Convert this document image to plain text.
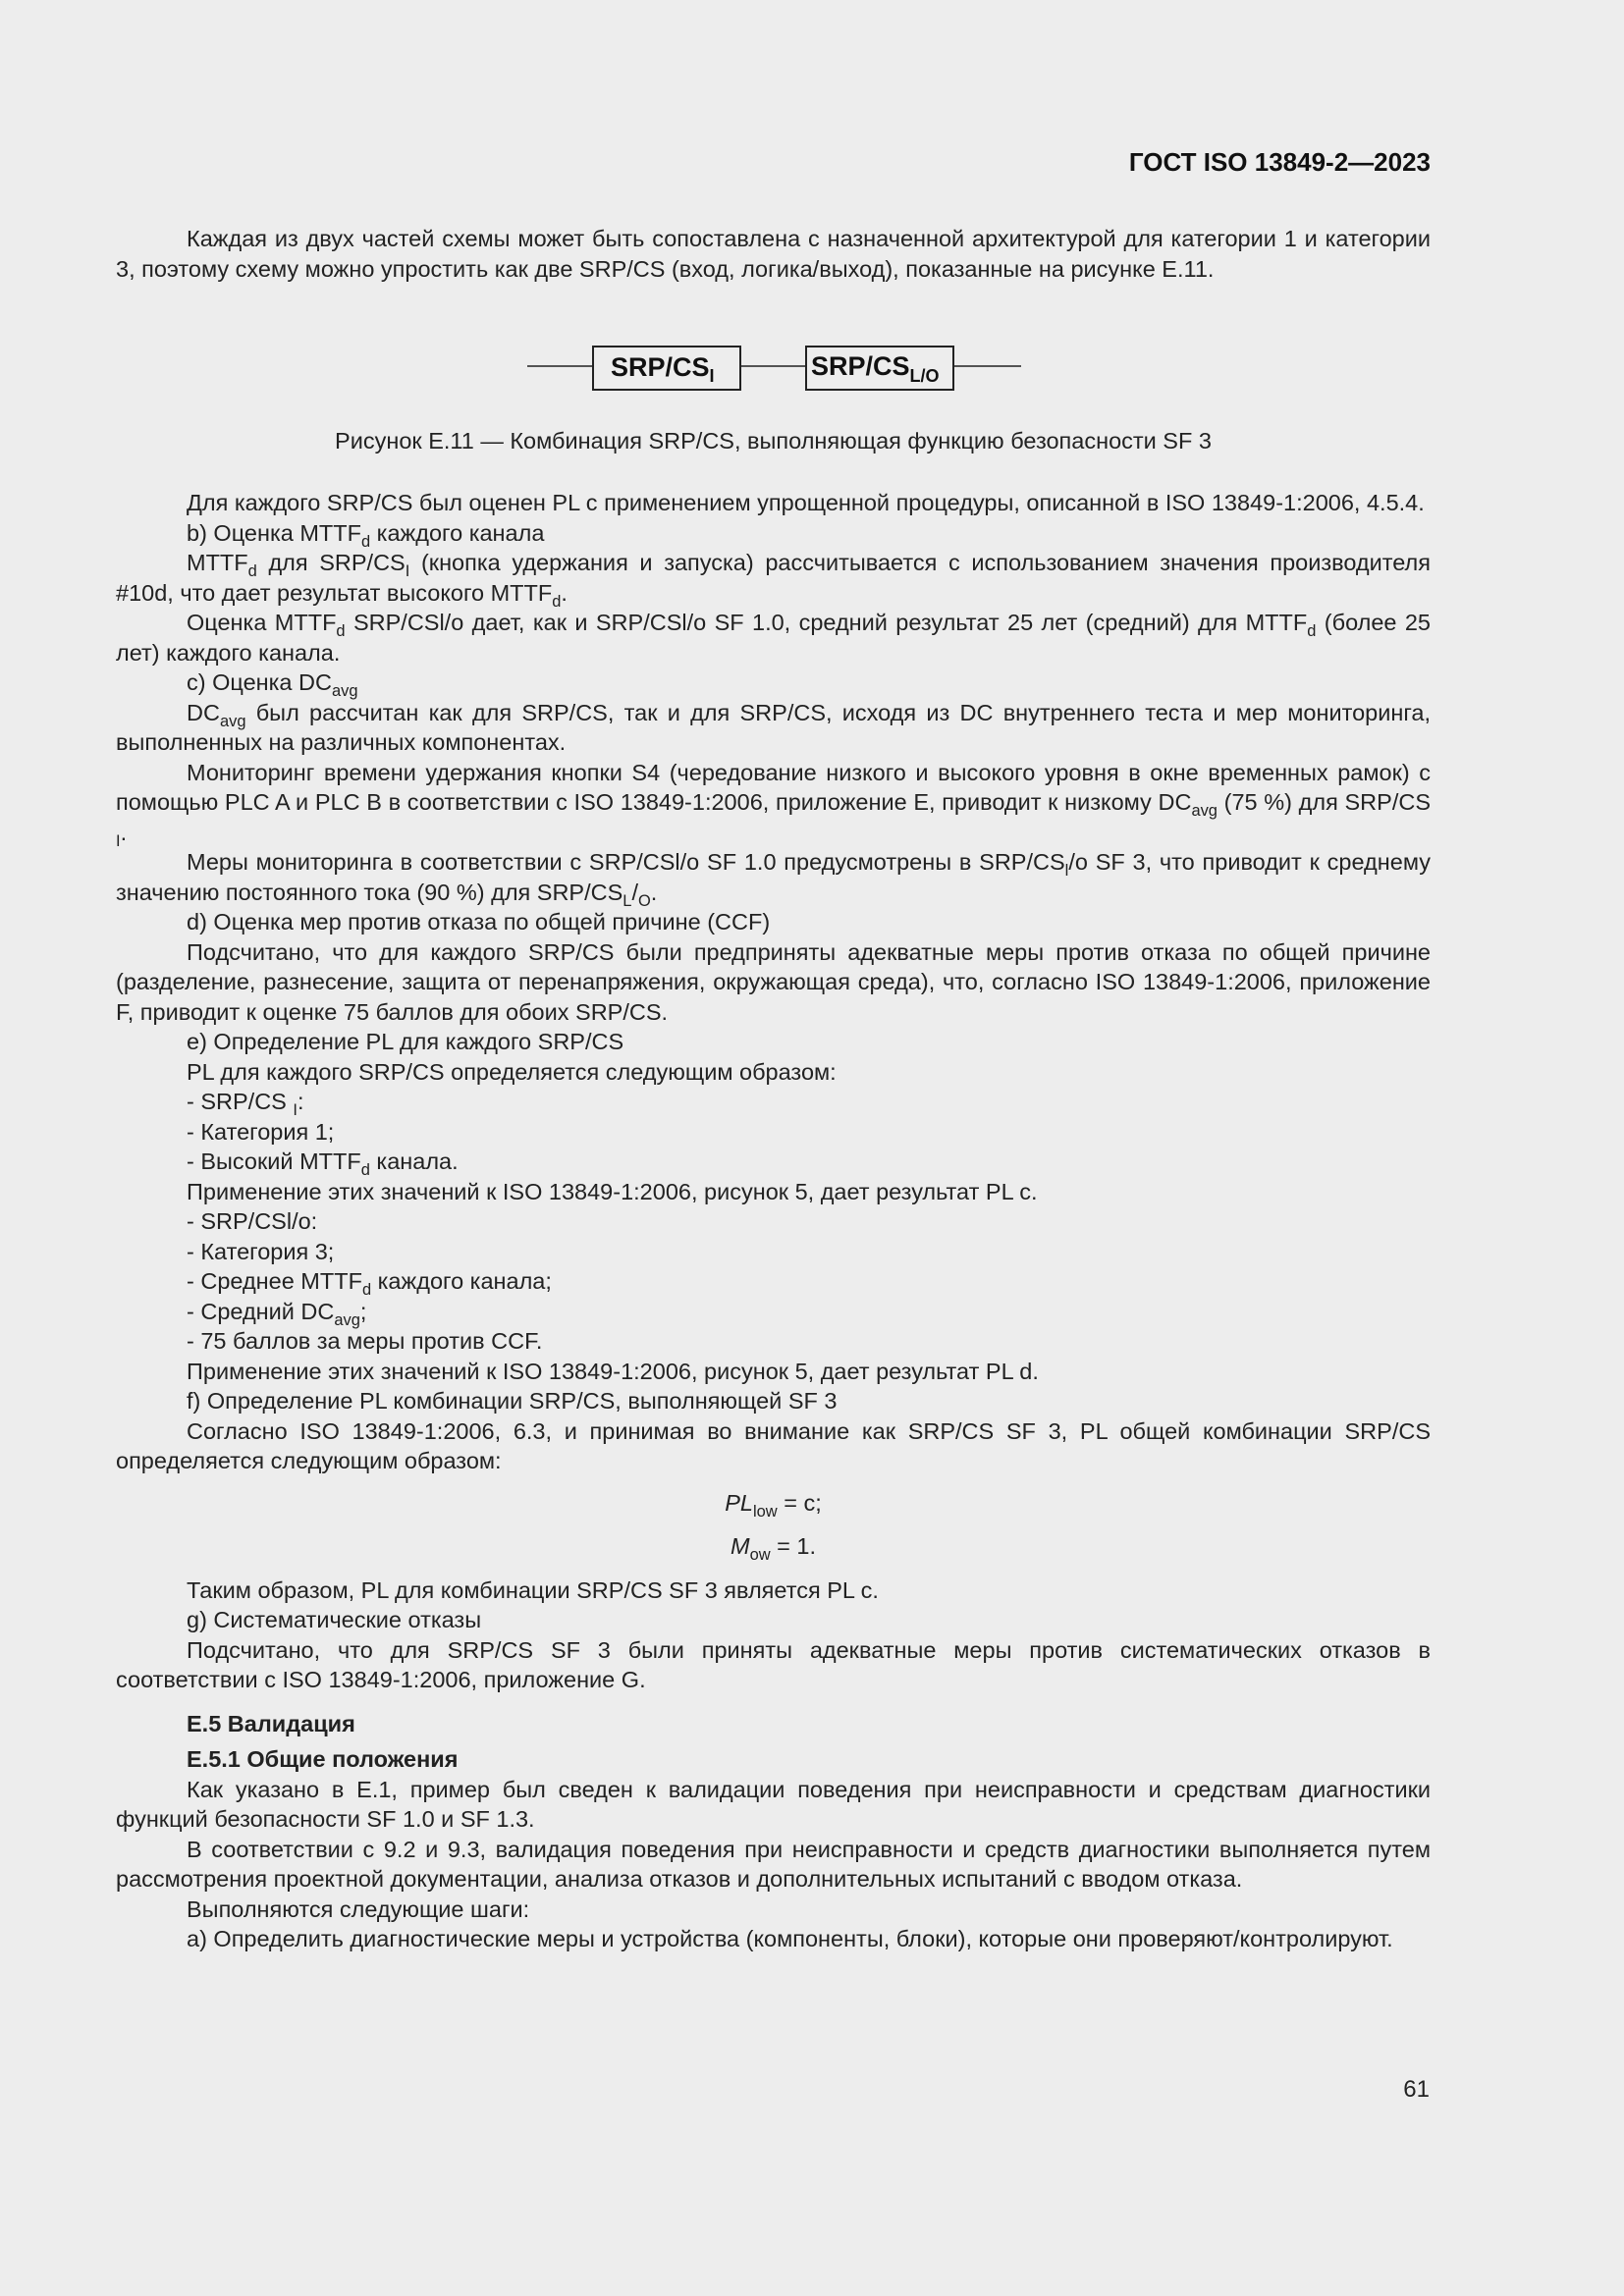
ГОСТ ISO 13849-2—2023

Каждая из двух частей схемы может быть сопоставлена с назначенной архитектурой для категории 1 и категории 3, поэтому схему можно упростить как две SRP/CS (вход, логика/выход), показанные на рисунке Е.11.

SRP/$CS_I$	SRP/$CS_{L/O}$

Рисунок Е.11 — Комбинация SRP/CS, выполняющая функцию безопасности SF 3

Для каждого SRP/CS был оценен PL с применением упрощенной процедуры, описанной в ISO 13849-1:2006, 4.5.4.

b) Оценка $MTTF_d$ каждого канала

$MTTF_d$ для SRP/$CS_I$ (кнопка удержания и запуска) рассчитывается с использованием значения производителя #10d, что дает результат высокого $MTTF_d$.

Оценка $MTTF_d$ SRP/CSl/o дает, как и SRP/CSl/o SF 1.0, средний результат 25 лет (средний) для $MTTF_d$ (более 25 лет) каждого канала.

c) Оценка $DC_{avg}$

$DC_{avg}$ был рассчитан как для SRP/CS, так и для SRP/CS, исходя из DC внутреннего теста и мер мониторинга, выполненных на различных компонентах.

Мониторинг времени удержания кнопки S4 (чередование низкого и высокого уровня в окне временных рамок) с помощью PLC A и PLC B в соответствии с ISO 13849-1:2006, приложение E, приводит к низкому $DC_{avg}$ (75 %) для SRP/CS $_I$.

Меры мониторинга в соответствии с SRP/CSl/o SF 1.0 предусмотрены в SRP/$CS_l/o$ SF 3, что приводит к среднему значению постоянного тока (90 %) для SRP/$CS_L/_O$.

d) Оценка мер против отказа по общей причине (CCF)

Подсчитано, что для каждого SRP/CS были предприняты адекватные меры против отказа по общей причине (разделение, разнесение, защита от перенапряжения, окружающая среда), что, согласно ISO 13849-1:2006, приложение F, приводит к оценке 75 баллов для обоих SRP/CS.

e) Определение PL для каждого SRP/CS

PL для каждого SRP/CS определяется следующим образом:

- SRP/CS $_I$:

- Категория 1;

- Высокий $MTTF_d$ канала.

Применение этих значений к ISO 13849-1:2006, рисунок 5, дает результат PL c.

- SRP/CSl/o:

- Категория 3;

- Среднее $MTTF_d$ каждого канала;

- Средний $DC_{avg}$;

- 75 баллов за меры против CCF.

Применение этих значений к ISO 13849-1:2006, рисунок 5, дает результат PL d.

f) Определение PL комбинации SRP/CS, выполняющей SF 3

Согласно ISO 13849-1:2006, 6.3, и принимая во внимание как SRP/CS SF 3, PL общей комбинации SRP/CS определяется следующим образом:

$PL_{low} = c$;

$M_{ow} = 1$.

Таким образом, PL для комбинации SRP/CS SF 3 является PL c.

g) Систематические отказы

Подсчитано, что для SRP/CS SF 3 были приняты адекватные меры против систематических отказов в соответствии с ISO 13849-1:2006, приложение G.

Е.5 Валидация

Е.5.1 Общие положения

Как указано в Е.1, пример был сведен к валидации поведения при неисправности и средствам диагностики функций безопасности SF 1.0 и SF 1.3.

В соответствии с 9.2 и 9.3, валидация поведения при неисправности и средств диагностики выполняется путем рассмотрения проектной документации, анализа отказов и дополнительных испытаний с вводом отказа.

Выполняются следующие шаги:

a) Определить диагностические меры и устройства (компоненты, блоки), которые они проверяют/контролируют.

61
